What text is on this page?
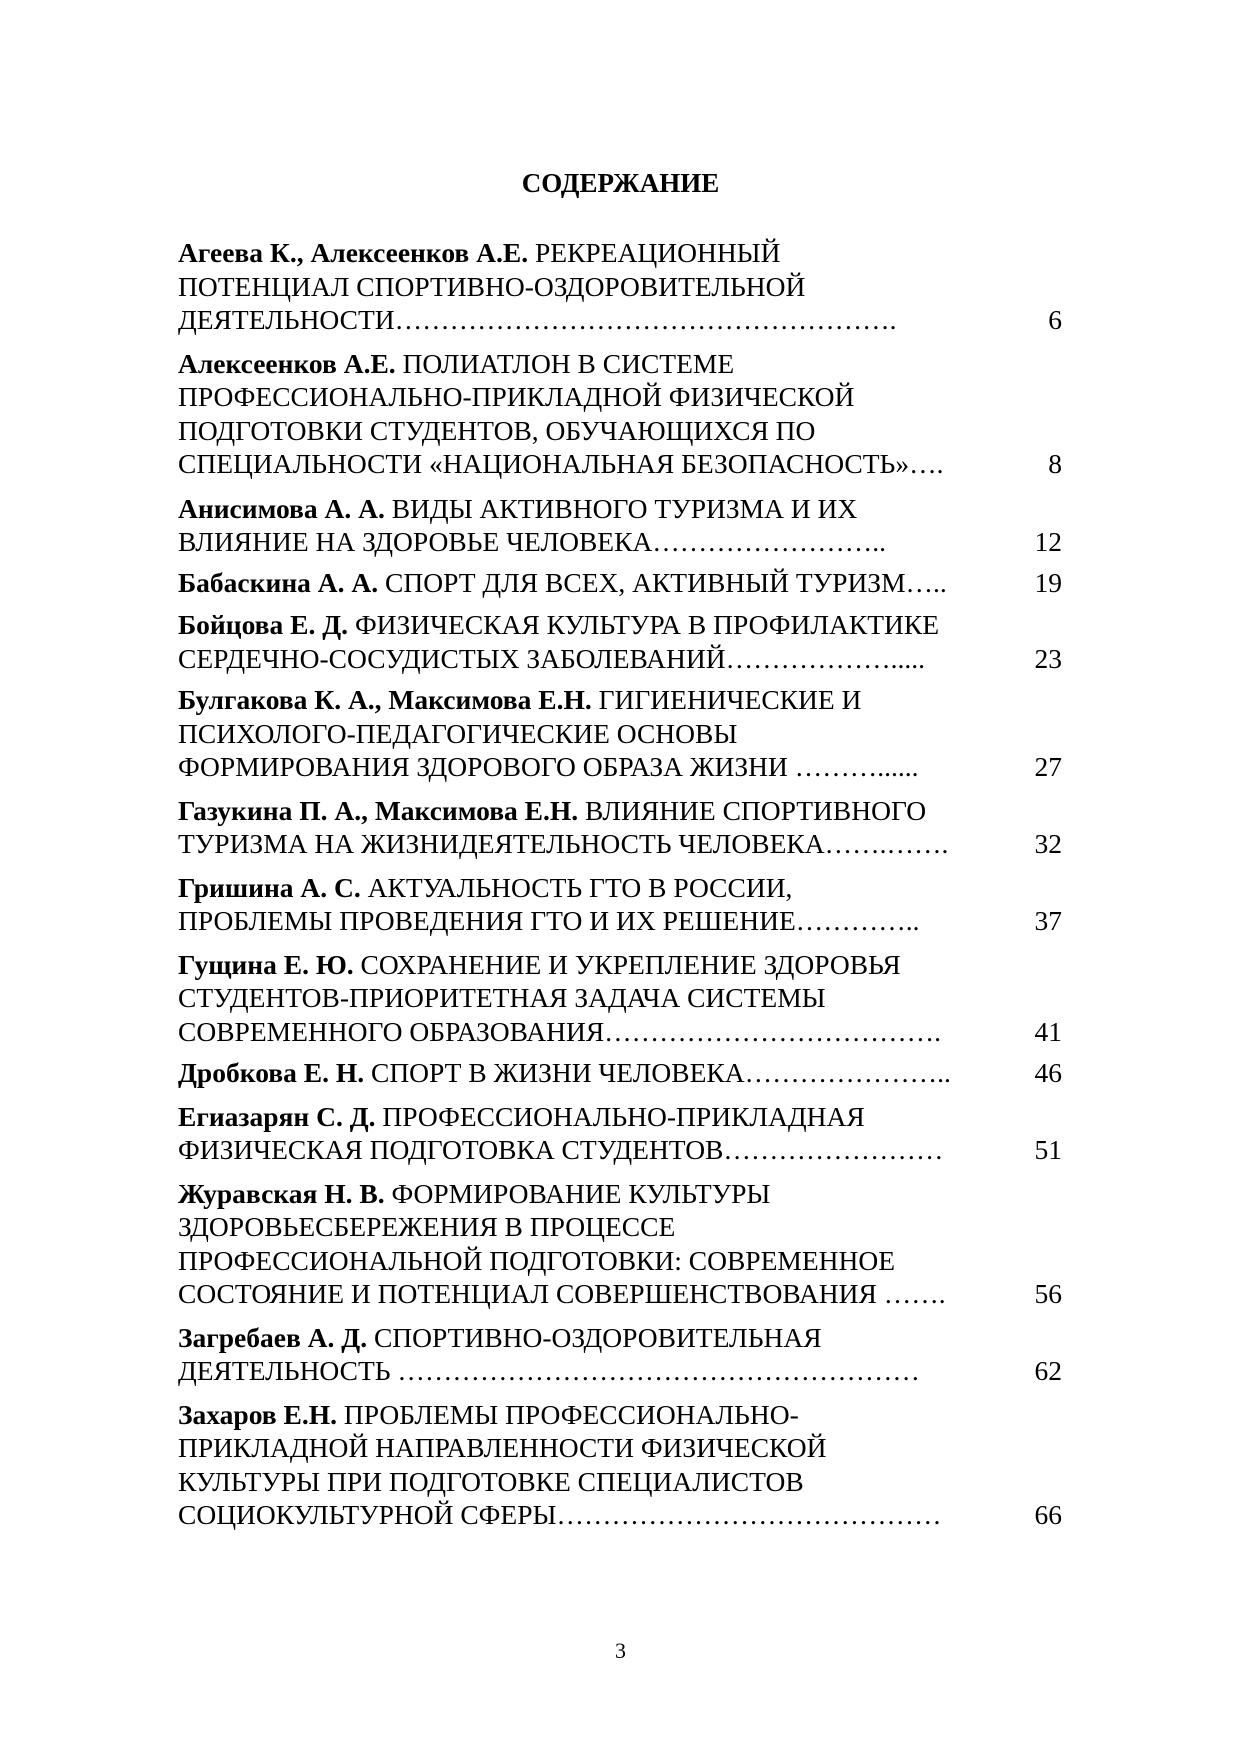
СОДЕРЖАНИЕ
Агеева К., Алексеенков А.Е. РЕКРЕАЦИОННЫЙ
ПОТЕНЦИАЛ СПОРТИВНО-ОЗДОРОВИТЕЛЬНОЙ
ДЕЯТЕЛЬНОСТИ……………………………………………….	6
Алексеенков А.Е. ПОЛИАТЛОН В СИСТЕМЕ
ПРОФЕССИОНАЛЬНО-ПРИКЛАДНОЙ ФИЗИЧЕСКОЙ
ПОДГОТОВКИ СТУДЕНТОВ, ОБУЧАЮЩИХСЯ ПО
СПЕЦИАЛЬНОСТИ «НАЦИОНАЛЬНАЯ БЕЗОПАСНОСТЬ»….	8
Анисимова А. А. ВИДЫ АКТИВНОГО ТУРИЗМА И ИХ
ВЛИЯНИЕ НА ЗДОРОВЬЕ ЧЕЛОВЕКА……………………..	12
Бабаскина А. А. СПОРТ ДЛЯ ВСЕХ, АКТИВНЫЙ ТУРИЗМ…..	19
Бойцова Е. Д. ФИЗИЧЕСКАЯ КУЛЬТУРА В ПРОФИЛАКТИКЕ
СЕРДЕЧНО-СОСУДИСТЫХ ЗАБОЛЕВАНИЙ……………….....	23
Булгакова К. А., Максимова Е.Н. ГИГИЕНИЧЕСКИЕ И
ПСИХОЛОГО-ПЕДАГОГИЧЕСКИЕ ОСНОВЫ
ФОРМИРОВАНИЯ ЗДОРОВОГО ОБРАЗА ЖИЗНИ ………......	27
Газукина П. А., Максимова Е.Н. ВЛИЯНИЕ СПОРТИВНОГО
ТУРИЗМА НА ЖИЗНИДЕЯТЕЛЬНОСТЬ ЧЕЛОВЕКА…….…….	32
Гришина А. С. АКТУАЛЬНОСТЬ ГТО В РОССИИ,
ПРОБЛЕМЫ ПРОВЕДЕНИЯ ГТО И ИХ РЕШЕНИЕ…………..	37
Гущина Е. Ю. СОХРАНЕНИЕ И УКРЕПЛЕНИЕ ЗДОРОВЬЯ
СТУДЕНТОВ-ПРИОРИТЕТНАЯ ЗАДАЧА СИСТЕМЫ
СОВРЕМЕННОГО ОБРАЗОВАНИЯ……………………………….	41
Дробкова Е. Н. СПОРТ В ЖИЗНИ ЧЕЛОВЕКА…………………..	46
Егиазарян С. Д. ПРОФЕССИОНАЛЬНО-ПРИКЛАДНАЯ
ФИЗИЧЕСКАЯ ПОДГОТОВКА СТУДЕНТОВ……………………	51
Журавская Н. В. ФОРМИРОВАНИЕ КУЛЬТУРЫ
ЗДОРОВЬЕСБЕРЕЖЕНИЯ В ПРОЦЕССЕ
ПРОФЕССИОНАЛЬНОЙ ПОДГОТОВКИ: СОВРЕМЕННОЕ
СОСТОЯНИЕ И ПОТЕНЦИАЛ СОВЕРШЕНСТВОВАНИЯ …….	56
Загребаев А. Д. СПОРТИВНО-ОЗДОРОВИТЕЛЬНАЯ
ДЕЯТЕЛЬНОСТЬ …………………………………………………	62
Захаров Е.Н. ПРОБЛЕМЫ ПРОФЕССИОНАЛЬНО-
ПРИКЛАДНОЙ НАПРАВЛЕННОСТИ ФИЗИЧЕСКОЙ
КУЛЬТУРЫ ПРИ ПОДГОТОВКЕ СПЕЦИАЛИСТОВ
СОЦИОКУЛЬТУРНОЙ СФЕРЫ……………………………………	66
3
